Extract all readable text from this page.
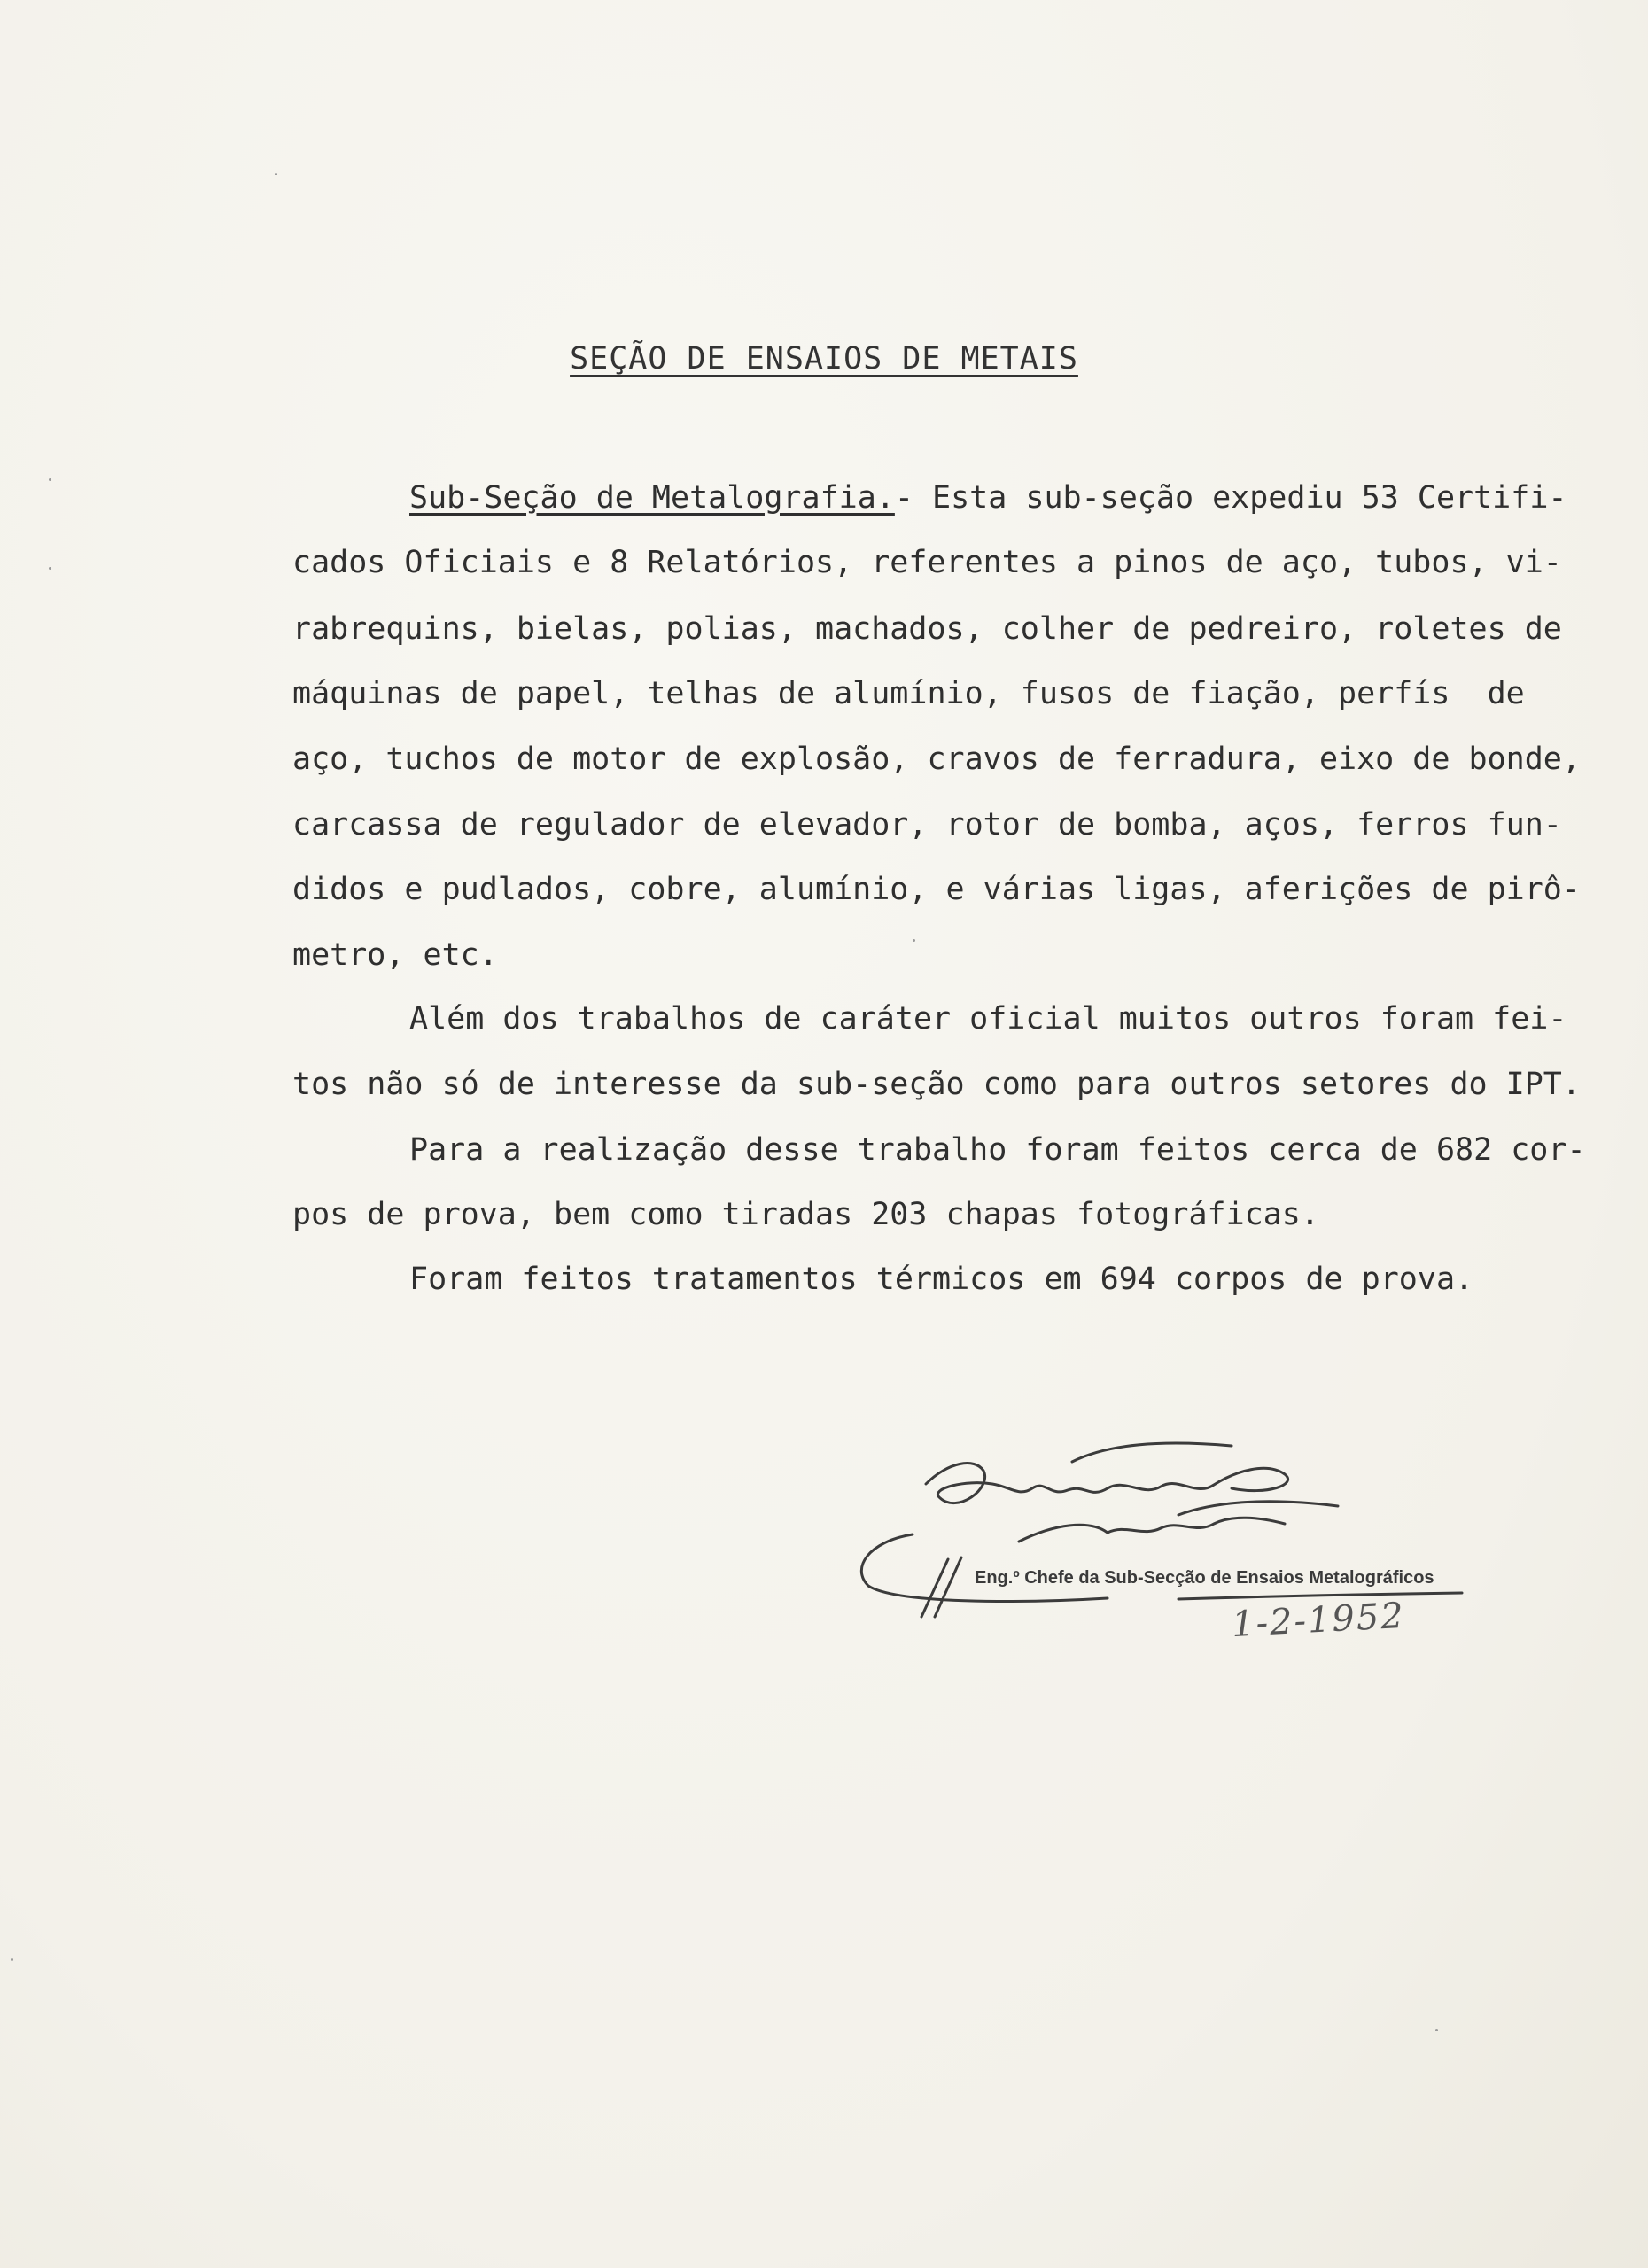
SEÇÃO DE ENSAIOS DE METAIS
Sub-Seção de Metalografia.- Esta sub-seção expediu 53 Certifi-
cados Oficiais e 8 Relatórios, referentes a pinos de aço, tubos, vi-
rabrequins, bielas, polias, machados, colher de pedreiro, roletes de
máquinas de papel, telhas de alumínio, fusos de fiação, perfís  de
aço, tuchos de motor de explosão, cravos de ferradura, eixo de bonde,
carcassa de regulador de elevador, rotor de bomba, aços, ferros fun-
didos e pudlados, cobre, alumínio, e várias ligas, aferições de pirô-
metro, etc.
Além dos trabalhos de caráter oficial muitos outros foram fei-
tos não só de interesse da sub-seção como para outros setores do IPT.
Para a realização desse trabalho foram feitos cerca de 682 cor-
pos de prova, bem como tiradas 203 chapas fotográficas.
Foram feitos tratamentos térmicos em 694 corpos de prova.
Eng.º Chefe da Sub-Secção de Ensaios Metalográficos
1-2-1952
